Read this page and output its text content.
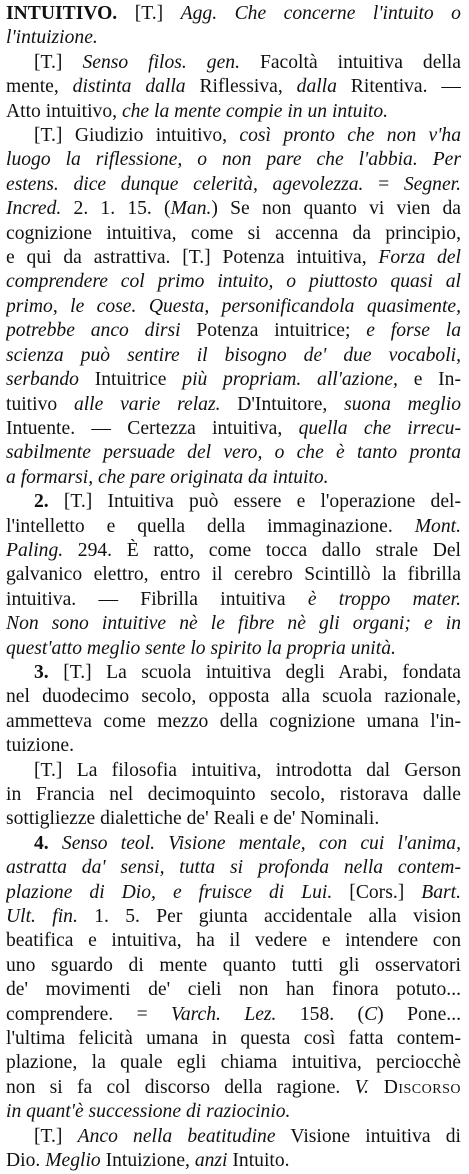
INTUITIVO. [T.] Agg. Che concerne l'intuito o
l'intuizione.
[T.] Senso filos. gen. Facoltà intuitiva della
mente, distinta dalla Riflessiva, dalla Ritentiva. —
Atto intuitivo, che la mente compie in un intuito.
[T.] Giudizio intuitivo, così pronto che non v'ha
luogo la riflessione, o non pare che l'abbia. Per
estens. dice dunque celerità, agevolezza. = Segner.
Incred. 2. 1. 15. (Man.) Se non quanto vi vien da
cognizione intuitiva, come si accenna da principio,
e qui da astrattiva. [T.] Potenza intuitiva, Forza del
comprendere col primo intuito, o piuttosto quasi al
primo, le cose. Questa, personificandola quasimente,
potrebbe anco dirsi Potenza intuitrice; e forse la
scienza può sentire il bisogno de' due vocaboli,
serbando Intuitrice più propriam. all'azione, e In-
tuitivo alle varie relaz. D'Intuitore, suona meglio
Intuente. — Certezza intuitiva, quella che irrecu-
sabilmente persuade del vero, o che è tanto pronta
a formarsi, che pare originata da intuito.
2. [T.] Intuitiva può essere e l'operazione del-
l'intelletto e quella della immaginazione. Mont.
Paling. 294. È ratto, come tocca dallo strale Del
galvanico elettro, entro il cerebro Scintillò la fibrilla
intuitiva. — Fibrilla intuitiva è troppo mater.
Non sono intuitive nè le fibre nè gli organi; e in
quest'atto meglio sente lo spirito la propria unità.
3. [T.] La scuola intuitiva degli Arabi, fondata
nel duodecimo secolo, opposta alla scuola razionale,
ammetteva come mezzo della cognizione umana l'in-
tuizione.
[T.] La filosofia intuitiva, introdotta dal Gerson
in Francia nel decimoquinto secolo, ristorava dalle
sottigliezze dialettiche de' Reali e de' Nominali.
4. Senso teol. Visione mentale, con cui l'anima,
astratta da' sensi, tutta si profonda nella contem-
plazione di Dio, e fruisce di Lui. [Cors.] Bart.
Ult. fin. 1. 5. Per giunta accidentale alla vision
beatifica e intuitiva, ha il vedere e intendere con
uno sguardo di mente quanto tutti gli osservatori
de' movimenti de' cieli non han finora potuto...
comprendere. = Varch. Lez. 158. (C) Pone...
l'ultima felicità umana in questa così fatta contem-
plazione, la quale egli chiama intuitiva, perciocchè
non si fa col discorso della ragione. V. Discorso
in quant'è successione di raziocinio.
[T.] Anco nella beatitudine Visione intuitiva di
Dio. Meglio Intuizione, anzi Intuito.
